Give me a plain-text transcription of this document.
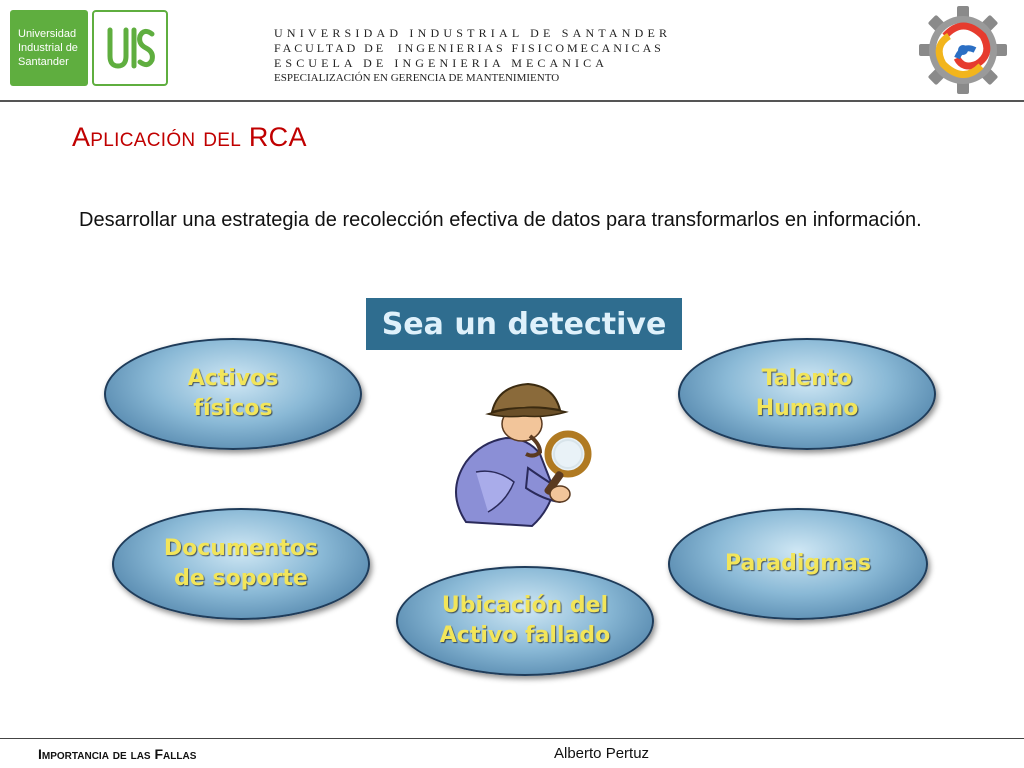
Universidad
Industrial de
Santander
UNIVERSIDAD INDUSTRIAL DE SANTANDER
FACULTAD DE  INGENIERIAS FISICOMECANICAS
ESCUELA DE INGENIERIA MECANICA
ESPECIALIZACIÓN EN GERENCIA DE MANTENIMIENTO
Aplicación del RCA
Desarrollar una estrategia de recolección efectiva de datos para transformarlos en información.
Sea un detective
Activos
físicos
Talento
Humano
Documentos
de soporte
Paradigmas
Ubicación del
Activo fallado
Importancia de las Fallas	Alberto Pertuz
